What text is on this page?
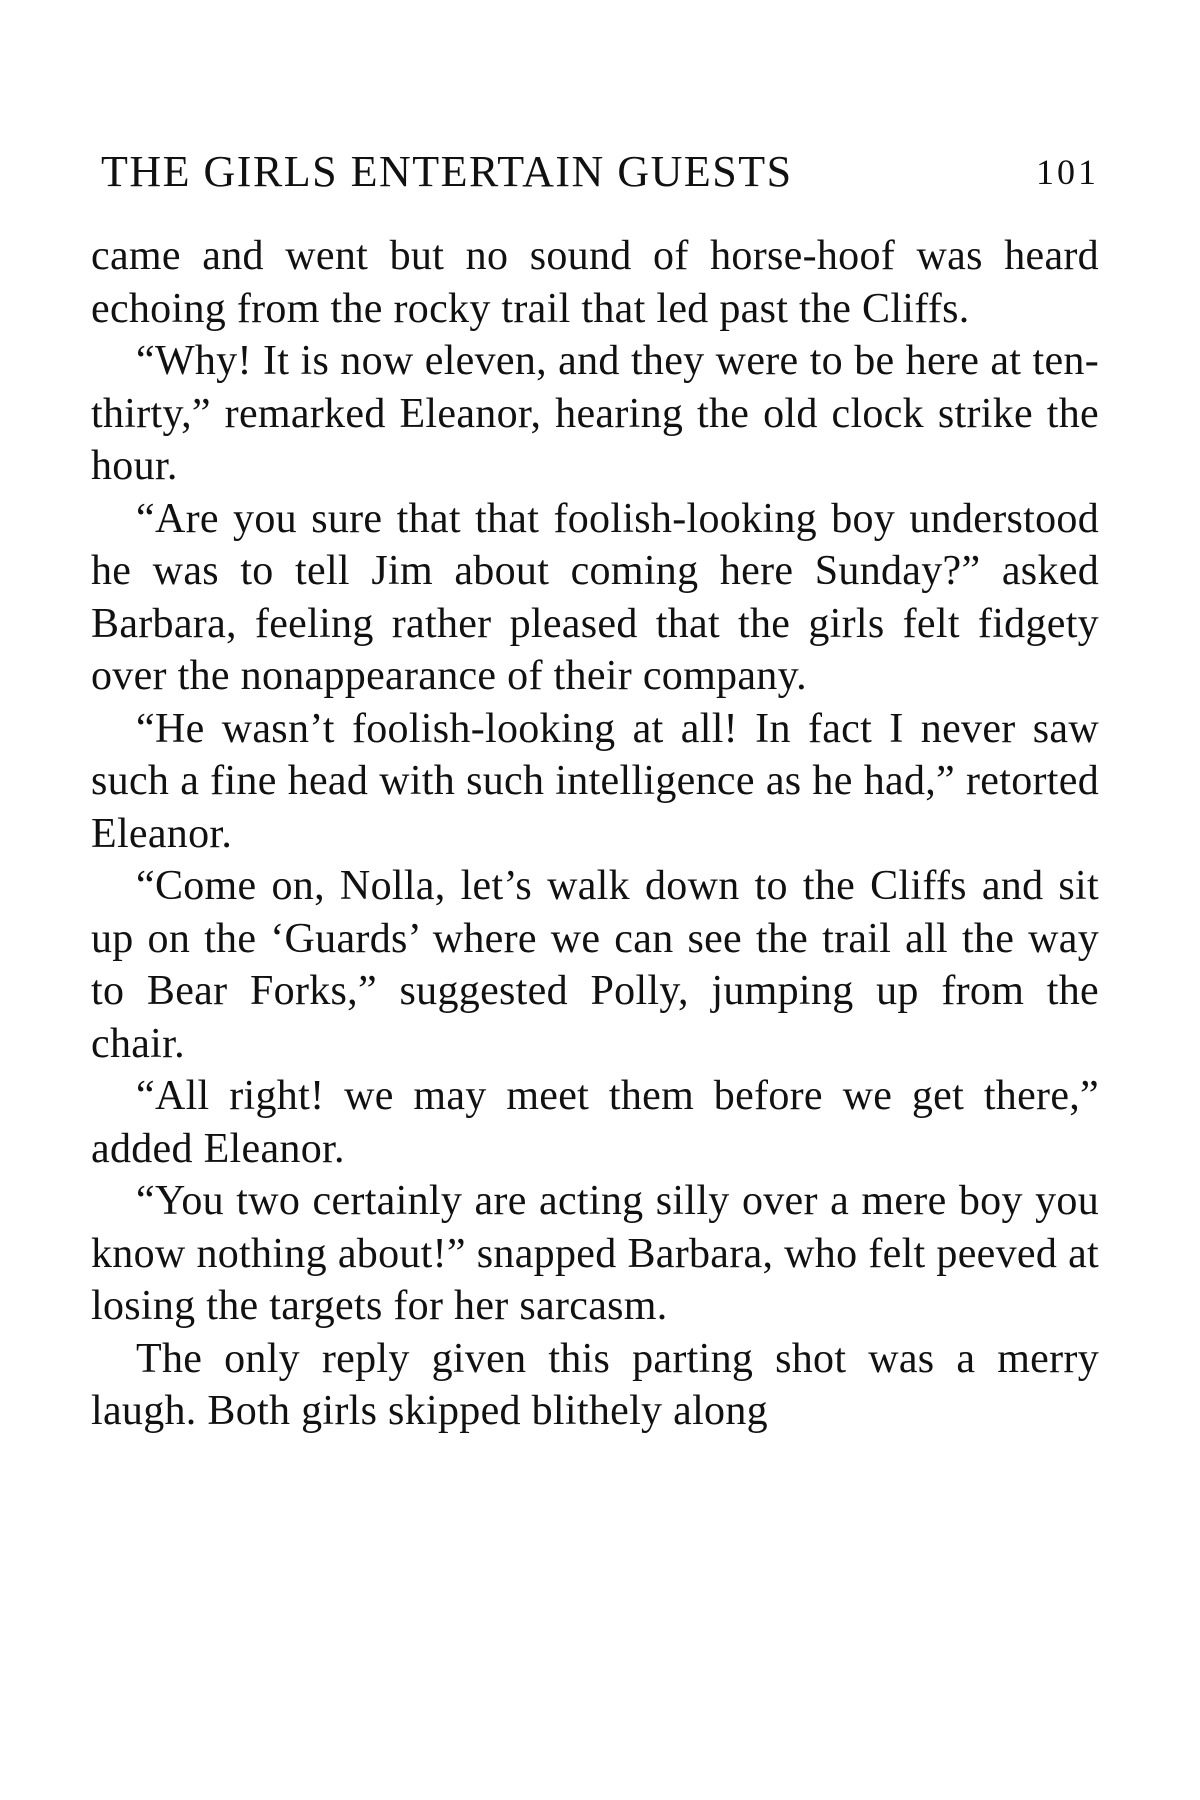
THE GIRLS ENTERTAIN GUESTS	101

came and went but no sound of horse-hoof was heard echoing from the rocky trail that led past the Cliffs.

“Why! It is now eleven, and they were to be here at ten-thirty,” remarked Eleanor, hearing the old clock strike the hour.

“Are you sure that that foolish-looking boy understood he was to tell Jim about coming here Sunday?” asked Barbara, feeling rather pleased that the girls felt fidgety over the nonappearance of their company.

“He wasn’t foolish-looking at all! In fact I never saw such a fine head with such intelligence as he had,” retorted Eleanor.

“Come on, Nolla, let’s walk down to the Cliffs and sit up on the ‘Guards’ where we can see the trail all the way to Bear Forks,” suggested Polly, jumping up from the chair.

“All right! we may meet them before we get there,” added Eleanor.

“You two certainly are acting silly over a mere boy you know nothing about!” snapped Barbara, who felt peeved at losing the targets for her sarcasm.

The only reply given this parting shot was a merry laugh. Both girls skipped blithely along
